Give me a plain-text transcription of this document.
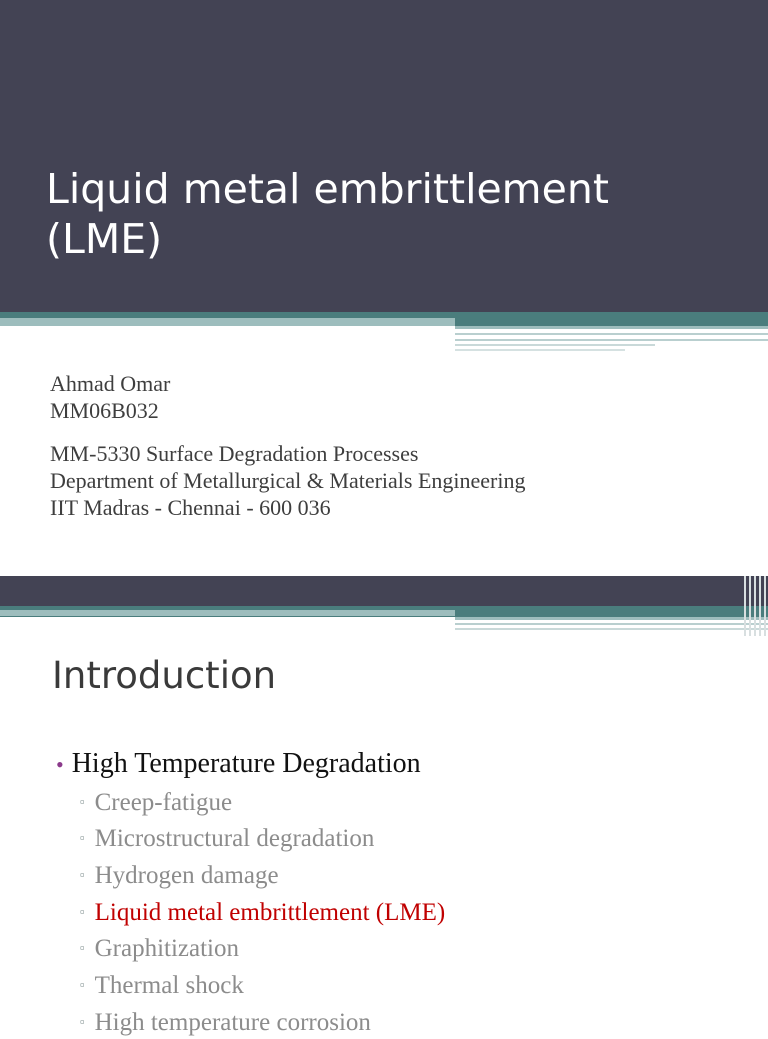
Liquid metal embrittlement
(LME)
Ahmad Omar
MM06B032
MM-5330 Surface Degradation Processes
Department of Metallurgical & Materials Engineering
IIT Madras - Chennai - 600 036
Introduction
• High Temperature Degradation
▫ Creep-fatigue
▫ Microstructural degradation
▫ Hydrogen damage
▫ Liquid metal embrittlement (LME)
▫ Graphitization
▫ Thermal shock
▫ High temperature corrosion
